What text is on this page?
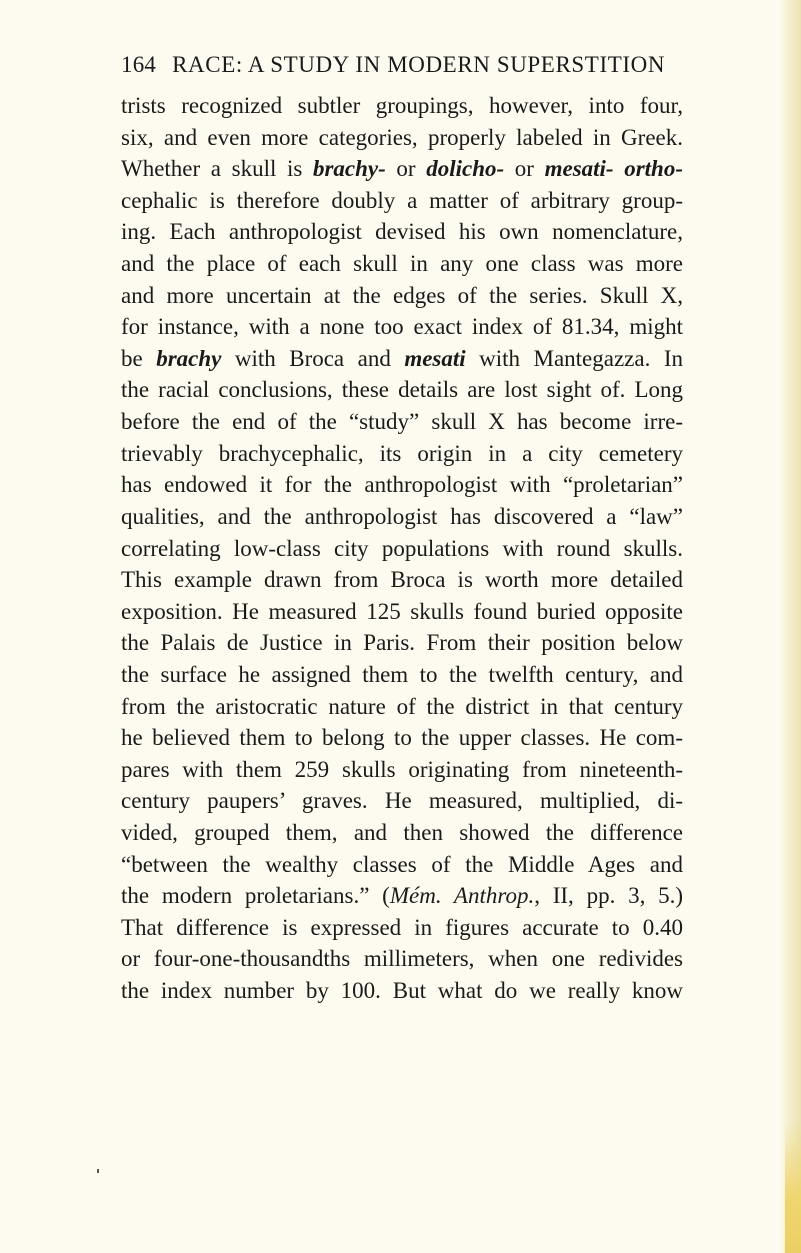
164 RACE: A STUDY IN MODERN SUPERSTITION
trists recognized subtler groupings, however, into four,
six, and even more categories, properly labeled in Greek.
Whether a skull is brachy- or dolicho- or mesati- ortho-
cephalic is therefore doubly a matter of arbitrary group-
ing. Each anthropologist devised his own nomenclature,
and the place of each skull in any one class was more
and more uncertain at the edges of the series. Skull X,
for instance, with a none too exact index of 81.34, might
be brachy with Broca and mesati with Mantegazza. In
the racial conclusions, these details are lost sight of. Long
before the end of the “study” skull X has become irre-
trievably brachycephalic, its origin in a city cemetery
has endowed it for the anthropologist with “proletarian”
qualities, and the anthropologist has discovered a “law”
correlating low-class city populations with round skulls.
This example drawn from Broca is worth more detailed
exposition. He measured 125 skulls found buried opposite
the Palais de Justice in Paris. From their position below
the surface he assigned them to the twelfth century, and
from the aristocratic nature of the district in that century
he believed them to belong to the upper classes. He com-
pares with them 259 skulls originating from nineteenth-
century paupers’ graves. He measured, multiplied, di-
vided, grouped them, and then showed the difference
“between the wealthy classes of the Middle Ages and
the modern proletarians.” (Mém. Anthrop., II, pp. 3, 5.)
That difference is expressed in figures accurate to 0.40
or four-one-thousandths millimeters, when one redivides
the index number by 100. But what do we really know
